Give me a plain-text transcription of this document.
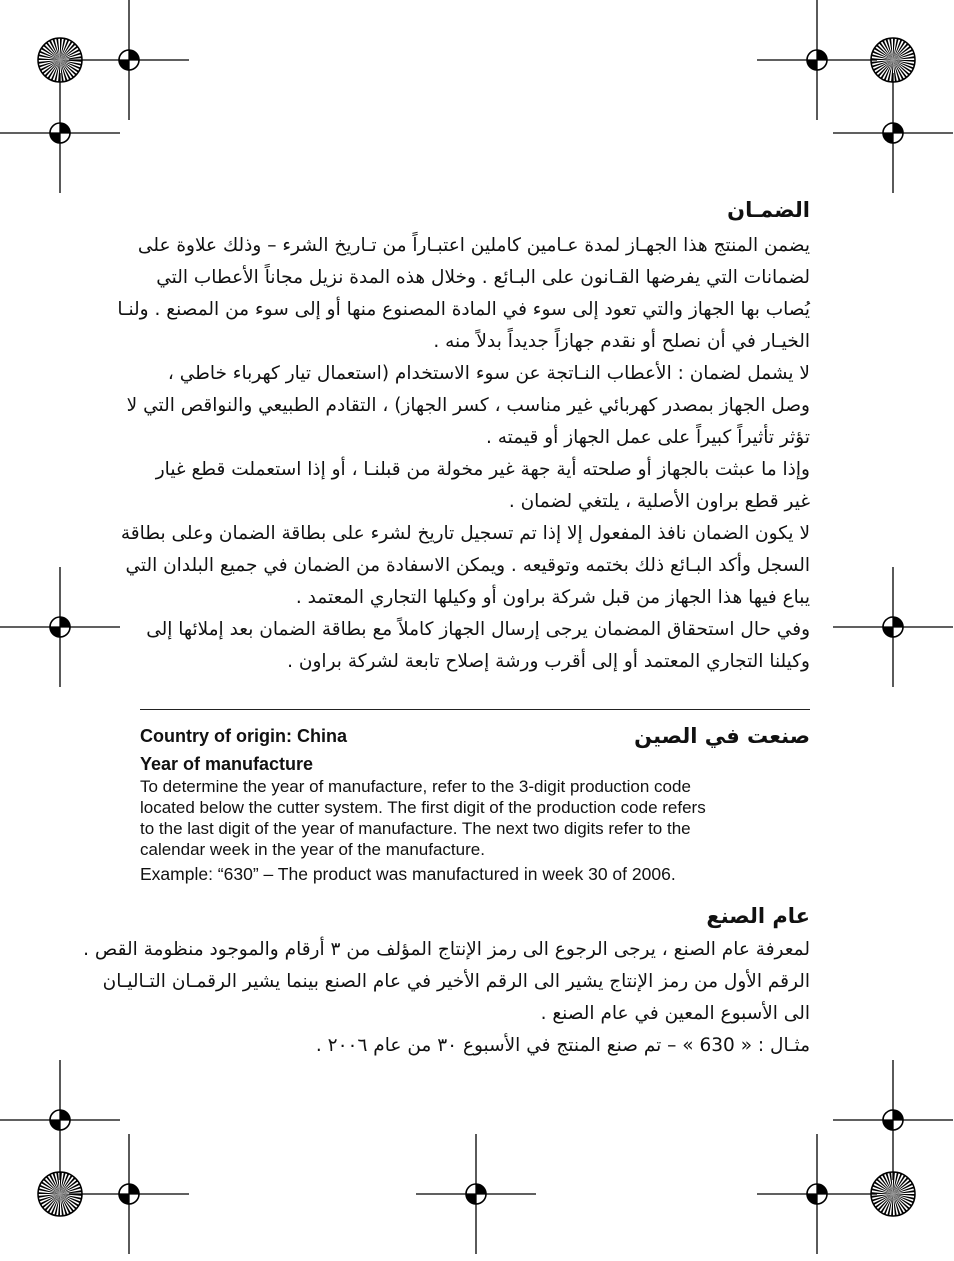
الضمـان
يضمن المنتج هذا الجهـاز لمدة عـامين كاملين اعتبـاراً من تـاريخ الشرء – وذلك علاوة على
لضمانات التي يفرضها القـانون على البـائع . وخلال هذه المدة نزيل مجاناً الأعطاب التي
يُصاب بها الجهاز والتي تعود إلى سوء في المادة المصنوع منها أو إلى سوء من المصنع . ولنـا
الخيـار في أن نصلح أو نقدم جهازاً جديداً بدلاً منه .
لا يشمل لضمان : الأعطاب النـاتجة عن سوء الاستخدام (استعمال تيار كهرباء خاطي ،
وصل الجهاز بمصدر كهربائي غير مناسب ، كسر الجهاز) ، التقادم الطبيعي والنواقص التي لا
تؤثر تأثيراً كبيراً على عمل الجهاز أو قيمته .
وإذا ما عبثت بالجهاز أو صلحته أية جهة غير مخولة من قبلنـا ، أو إذا استعملت قطع غيار
غير قطع براون الأصلية ، يلتغي لضمان .
لا يكون الضمان نافذ المفعول إلا إذا تم تسجيل تاريخ لشرء على بطاقة الضمان وعلى بطاقة
السجل وأكد البـائع ذلك بختمه وتوقيعه . ويمكن الاسفادة من الضمان في جميع البلدان التي
يباع فيها هذا الجهاز من قبل شركة براون أو وكيلها التجاري المعتمد .
وفي حال استحقاق المضمان يرجى إرسال الجهاز كاملاً مع بطاقة الضمان بعد إملائها إلى
وكيلنا التجاري المعتمد أو إلى أقرب ورشة إصلاح تابعة لشركة براون .
Country of origin: China	صنعت في الصين
Year of manufacture
To determine the year of manufacture, refer to the 3-digit production code
located below the cutter system. The first digit of the production code refers
to the last digit of the year of manufacture. The next two digits refer to the
calendar week in the year of the manufacture.
Example: “630” – The product was manufactured in week 30 of 2006.
عام الصنع
لمعرفة عام الصنع ، يرجى الرجوع الى رمز الإنتاج المؤلف من ٣ أرقام والموجود منظومة القص .
الرقم الأول من رمز الإنتاج يشير الى الرقم الأخير في عام الصنع بينما يشير الرقمـان التـاليـان
الى الأسبوع المعين في عام الصنع .
مثـال : « 630 » – تم صنع المنتج في الأسبوع ٣٠ من عام ٢٠٠٦ .
